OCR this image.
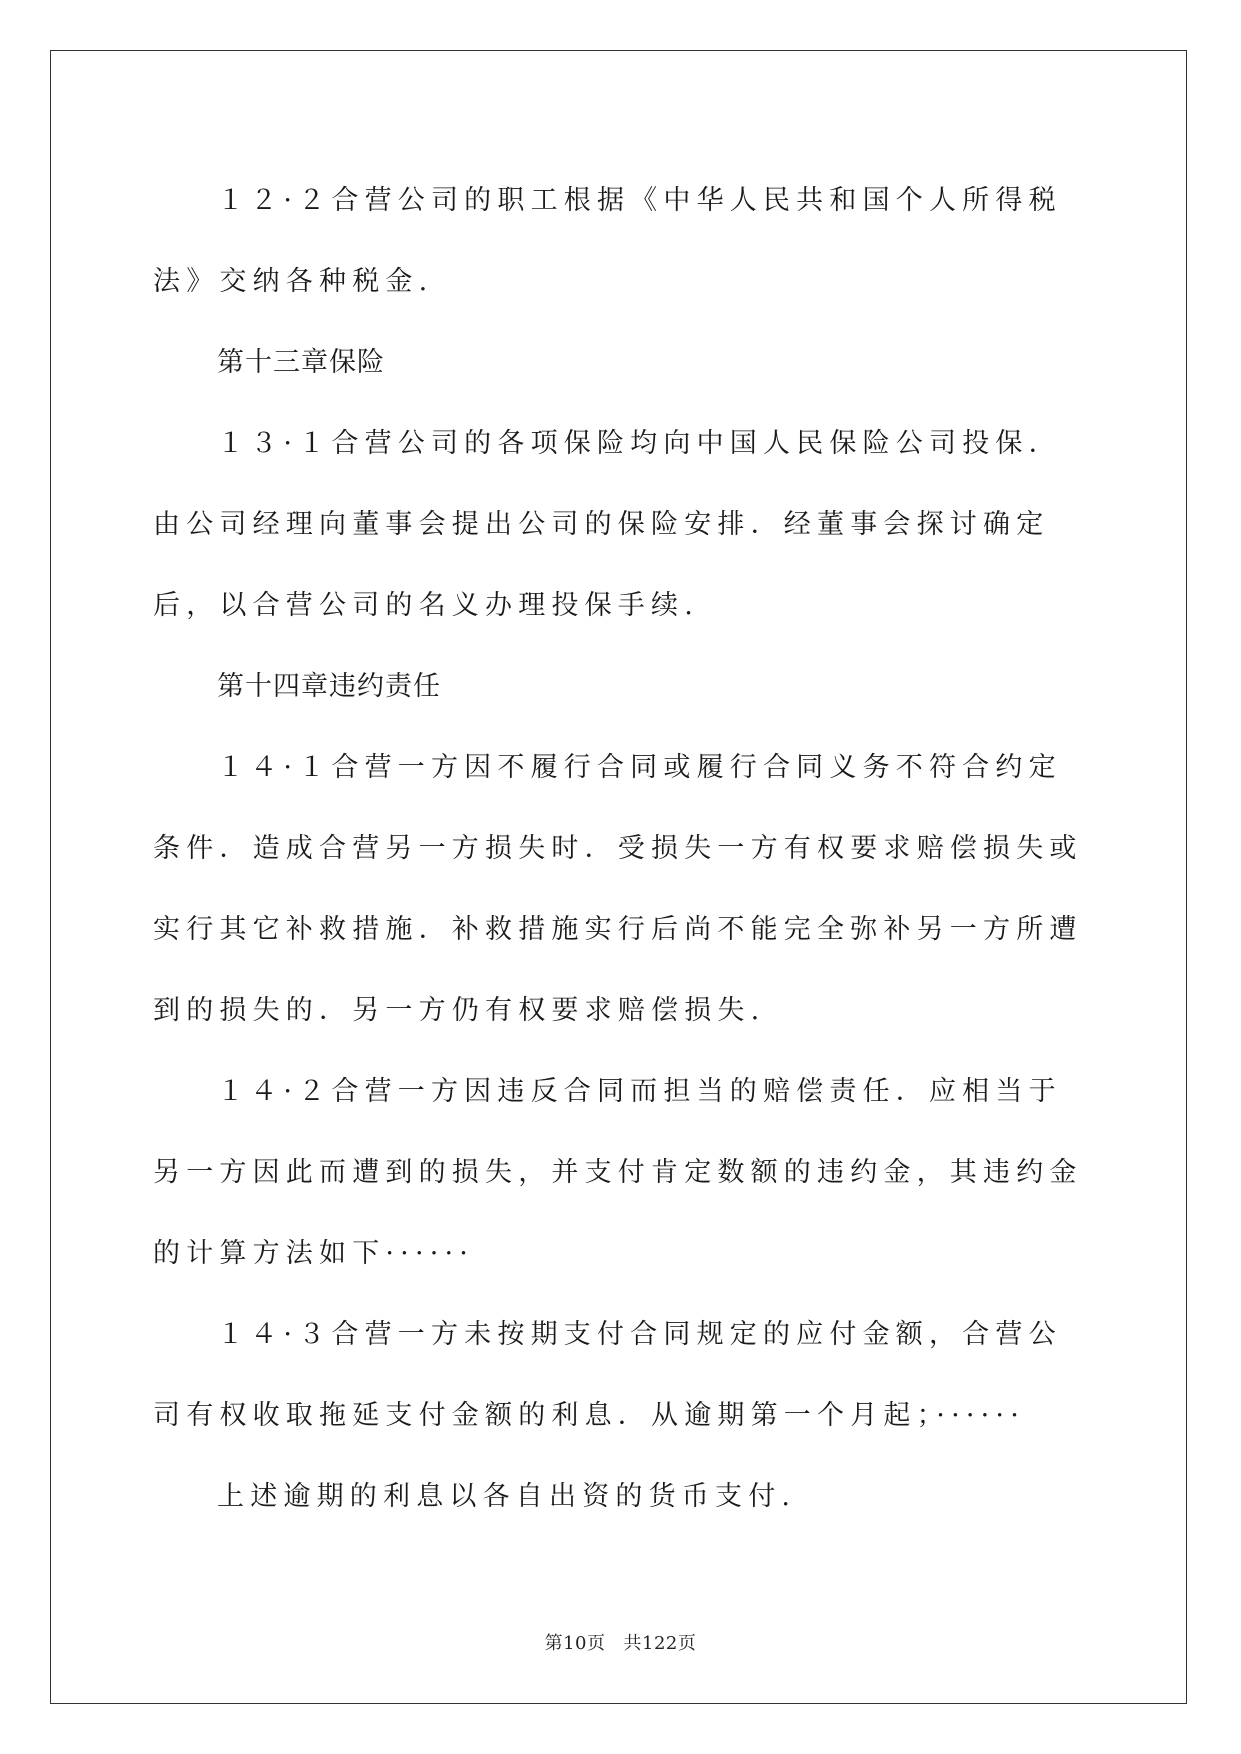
１２·２合营公司的职工根据《中华人民共和国个人所得税法》交纳各种税金.

第十三章保险

１３·１合营公司的各项保险均向中国人民保险公司投保．由公司经理向董事会提出公司的保险安排．经董事会探讨确定后，以合营公司的名义办理投保手续.

第十四章违约责任

１４·１合营一方因不履行合同或履行合同义务不符合约定条件．造成合营另一方损失时．受损失一方有权要求赔偿损失或实行其它补救措施．补救措施实行后尚不能完全弥补另一方所遭到的损失的．另一方仍有权要求赔偿损失.

１４·２合营一方因违反合同而担当的赔偿责任．应相当于另一方因此而遭到的损失，并支付肯定数额的违约金，其违约金的计算方法如下······

１４·３合营一方未按期支付合同规定的应付金额，合营公司有权收取拖延支付金额的利息．从逾期第一个月起；······

上述逾期的利息以各自出资的货币支付.

第10页 共122页
